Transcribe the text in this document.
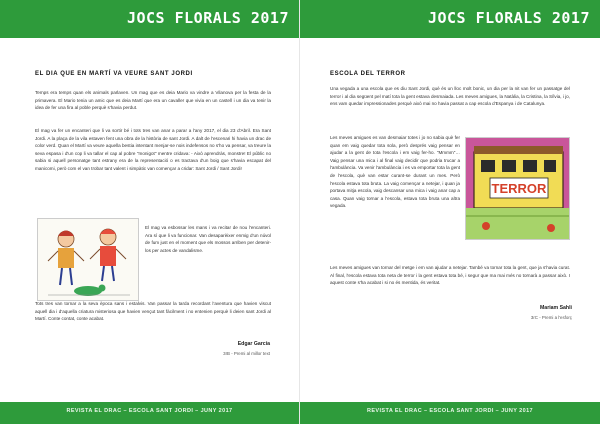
JOCS FLORALS 2017
EL DIA QUE EN MARTÍ VA VEURE SANT JORDI

Temps era temps quan els animals parlaven. Un mag que es deia Mario va vindre a Vilanova per la festa de la primavera. El Mario tenia un amic que es deia Martí que era un cavaller que vivia en un castell i un dia va tenir la idea de fer una fira al poble perquè s'havia perdut.

El mag va fer un encanteri que li va sortir bé i tots tres van anar a parar a l'any 2017, el dia 23 d'Abril. Era Sant Jordi. A la plaça de la vila estaven fent una obra de la història de sant Jordi. A dalt de l'escenari hi havia un drac de color verd. Quan el Martí va veure aquella bestia intentant menjar-se nois indefensos no s'ho va pensar, va treure la seva espasa i d'un cop li va tallar el cap al pobre "monigot" mentre cridava: - Això aprendràs, monstre! El públic no sabia si aquell personatge tant estrany era de la representació o es tractava d'un boig que s'havia escapat del manicomi, però com el van trobar tant valent i simpàtic van començar a cridar: Sant Jordi / Sant Jordi!

El mag va esbossar les mans i va recitar de nou l'encanteri. Ara sí que li va funcionar. Van desaparèixer enmig d'un núvol de fum just en el moment que els mossos arriben per detenir-los per actes de vandalisme.

Tots tres van tornar a la seva època sans i estalvis. Van passar la tarda recordant l'aventura que havien viscut aquell dia i d'aquella criatura misteriosa que havien vençut tant fàcilment i no entenien perquè li deien sant Jordi al Martí. Conte contat, conte acabat.

Edgar García
3rB - Premi al millor text
REVISTA EL DRAC – ESCOLA SANT JORDI – JUNY 2017
JOCS FLORALS 2017
ESCOLA DEL TERROR

Una vegada a una escola que es diu Sant Jordi, què és un lloc molt bonic, un dia per la nit van fer un passatge del terror i al dia següent pel matí tota la gent estava desmaiada. Les meves amigues, la Natàlia, la Cristina, la Sílvia, i jo, ens vam quedar impressionades perquè això mai no havia passat a cap escola d'Espanya i de Catalunya.

Les meves amigues es van desmaiar totes i jo no sabia què fer quan em vaig quedar tota sola, però després vaig pensar en ajudar a la gent de tota l'escola i em vaig fer-ho. "Mmmm"… Vaig pensar una mica i al final vaig decidir que podria trucar a l'ambulància. Va venir l'ambulància i es va emportar tota la gent de l'escola, què van estar curant-se durant un mes. Però l'escola estava tota bruta. La vaig començar a netejar, i quan ja portava mitja escola, vaig descansar una mica i vaig anar cap a casa. Quan vaig tornar a l'escola, estava tota bruta una altra vegada.

TERROR

Les meves amigues van tornar del metge i em van ajudar a netejar. També va tornar tota la gent, que ja s'havia curat. Al final, l'escola estava tota neta de terror i la gent estava tota bé, i segur que ma mai més no tornarà a passar això. I aquest conte s'ha acabat i si no és mentida, és veritat.

Mariam Sahli
3rC - Premi a l'esforç
REVISTA EL DRAC – ESCOLA SANT JORDI – JUNY 2017
